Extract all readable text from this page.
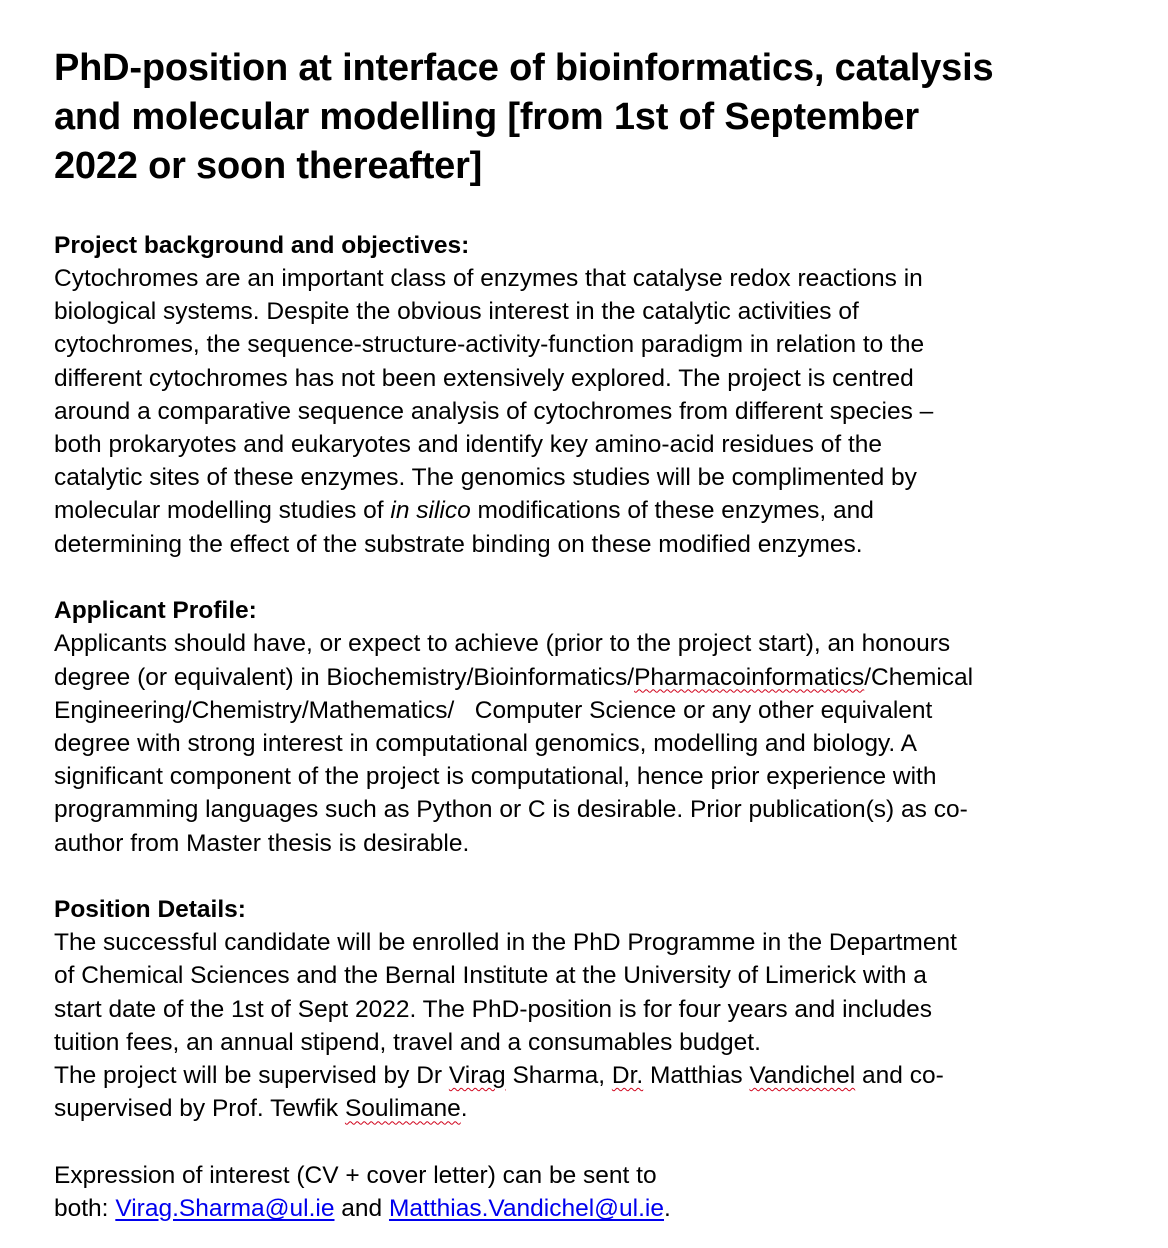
PhD-position at interface of bioinformatics, catalysis
and molecular modelling [from 1st of September
2022 or soon thereafter]

Project background and objectives:

Cytochromes are an important class of enzymes that catalyse redox reactions in
biological systems. Despite the obvious interest in the catalytic activities of
cytochromes, the sequence-structure-activity-function paradigm in relation to the
different cytochromes has not been extensively explored. The project is centred
around a comparative sequence analysis of cytochromes from different species –
both prokaryotes and eukaryotes and identify key amino-acid residues of the
catalytic sites of these enzymes. The genomics studies will be complimented by
molecular modelling studies of in silico modifications of these enzymes, and
determining the effect of the substrate binding on these modified enzymes.

Applicant Profile:

Applicants should have, or expect to achieve (prior to the project start), an honours
degree (or equivalent) in Biochemistry/Bioinformatics/Pharmacoinformatics/Chemical
Engineering/Chemistry/Mathematics/   Computer Science or any other equivalent
degree with strong interest in computational genomics, modelling and biology. A
significant component of the project is computational, hence prior experience with
programming languages such as Python or C is desirable. Prior publication(s) as co-
author from Master thesis is desirable.

Position Details:

The successful candidate will be enrolled in the PhD Programme in the Department
of Chemical Sciences and the Bernal Institute at the University of Limerick with a
start date of the 1st of Sept 2022. The PhD-position is for four years and includes
tuition fees, an annual stipend, travel and a consumables budget.
The project will be supervised by Dr Virag Sharma, Dr. Matthias Vandichel and co-
supervised by Prof. Tewfik Soulimane.

Expression of interest (CV + cover letter) can be sent to
both: Virag.Sharma@ul.ie and Matthias.Vandichel@ul.ie.
